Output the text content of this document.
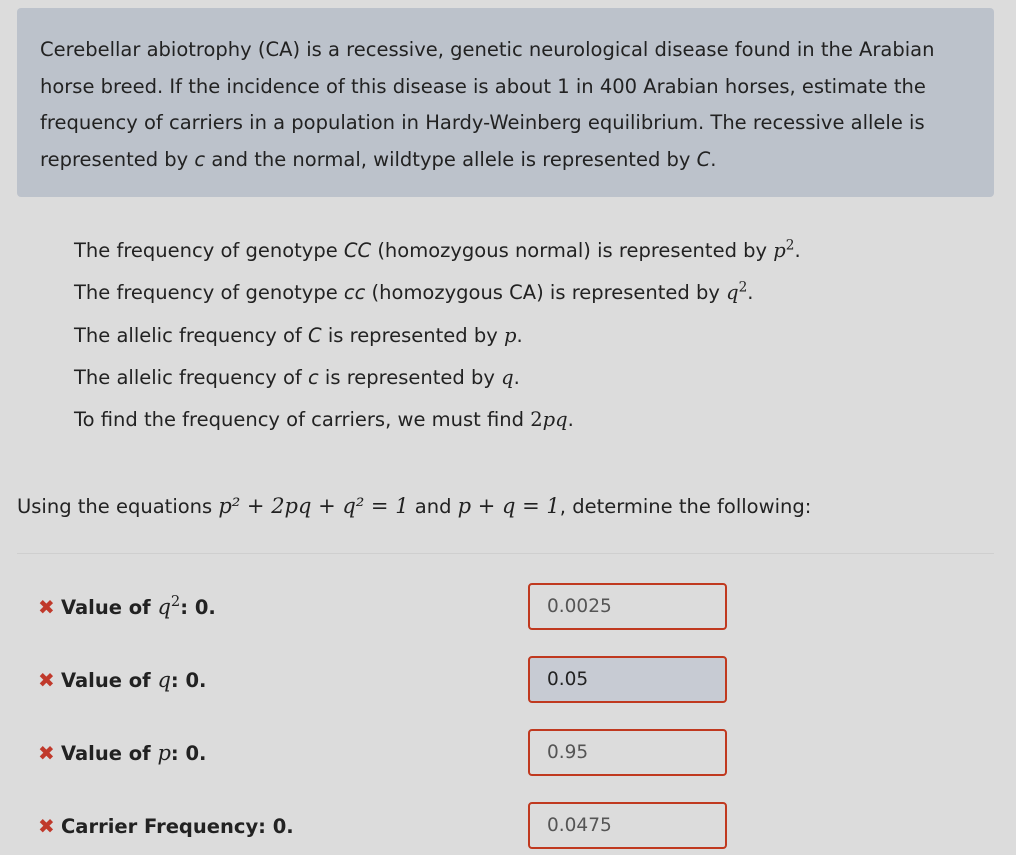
Cerebellar abiotrophy (CA) is a recessive, genetic neurological disease found in the Arabian horse breed. If the incidence of this disease is about 1 in 400 Arabian horses, estimate the frequency of carriers in a population in Hardy-Weinberg equilibrium. The recessive allele is represented by c and the normal, wildtype allele is represented by C.
The frequency of genotype CC (homozygous normal) is represented by $p^2$.
The frequency of genotype cc (homozygous CA) is represented by $q^2$.
The allelic frequency of C is represented by p.
The allelic frequency of c is represented by q.
To find the frequency of carriers, we must find 2pq.
Using the equations p² + 2pq + q² = 1 and p + q = 1, determine the following:
✖ Value of $q^2$: 0.
0.0025
✖ Value of q: 0.
0.05
✖ Value of p: 0.
0.95
✖ Carrier Frequency: 0.
0.0475
